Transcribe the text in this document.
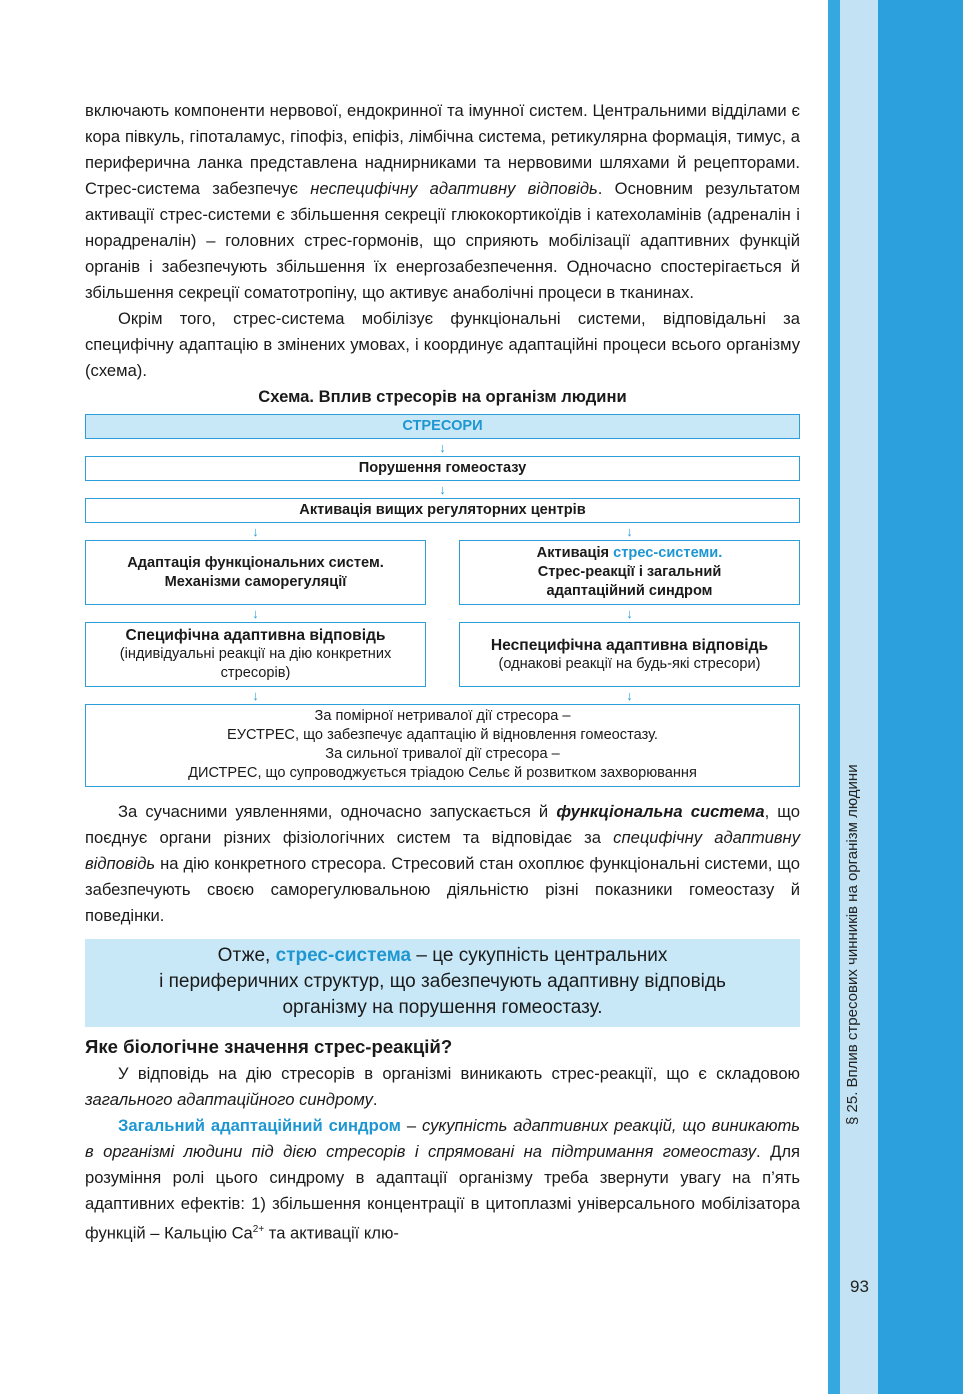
§ 25. Вплив стресових чинників на організм людини
93

включають компоненти нервової, ендокринної та імунної систем. Центральними відділами є кора півкуль, гіпоталамус, гіпофіз, епіфіз, лімбічна система, ретикулярна формація, тимус, а периферична ланка представлена наднирниками та нервовими шляхами й рецепторами. Стрес-система забезпечує неспецифічну адаптивну відповідь. Основним результатом активації стрес-системи є збільшення секреції глюкокортикоїдів і катехоламінів (адреналін і норадреналін) – головних стрес-гормонів, що сприяють мобілізації адаптивних функцій органів і забезпечують збільшення їх енергозабезпечення. Одночасно спостерігається й збільшення секреції соматотропіну, що активує анаболічні процеси в тканинах.

Окрім того, стрес-система мобілізує функціональні системи, відповідальні за специфічну адаптацію в змінених умовах, і координує адаптаційні процеси всього організму (схема).

Схема. Вплив стресорів на організм людини
СТРЕСОРИ
↓
Порушення гомеостазу
↓
Активація вищих регуляторних центрів
↓	↓
Адаптація функціональних систем.
Механізми саморегуляції
Активація стрес-системи.
Стрес-реакції і загальний
адаптаційний синдром
↓	↓
Специфічна адаптивна відповідь
(індивідуальні реакції на дію конкретних
стресорів)
Неспецифічна адаптивна відповідь
(однакові реакції на будь-які стресори)
↓	↓
За помірної нетривалої дії стресора –
ЕУСТРЕС, що забезпечує адаптацію й відновлення гомеостазу.
За сильної тривалої дії стресора –
ДИСТРЕС, що супроводжується тріадою Сельє й розвитком захворювання

За сучасними уявленнями, одночасно запускається й функціональна система, що поєднує органи різних фізіологічних систем та відповідає за специфічну адаптивну відповідь на дію конкретного стресора. Стресовий стан охоплює функціональні системи, що забезпечують своєю саморегулювальною діяльністю різні показники гомеостазу й поведінки.

Отже, стрес-система – це сукупність центральних
і периферичних структур, що забезпечують адаптивну відповідь
організму на порушення гомеостазу.
Яке біологічне значення стрес-реакцій?

У відповідь на дію стресорів в організмі виникають стрес-реакції, що є складовою загального адаптаційного синдрому.

Загальний адаптаційний синдром – сукупність адаптивних реакцій, що виникають в організмі людини під дією стресорів і спрямовані на підтримання гомеостазу. Для розуміння ролі цього синдрому в адаптації організму треба звернути увагу на п’ять адаптивних ефектів: 1) збільшення концентрації в цитоплазмі універсального мобілізатора функцій – Кальцію $Ca^{2+}$ та активації клю-
